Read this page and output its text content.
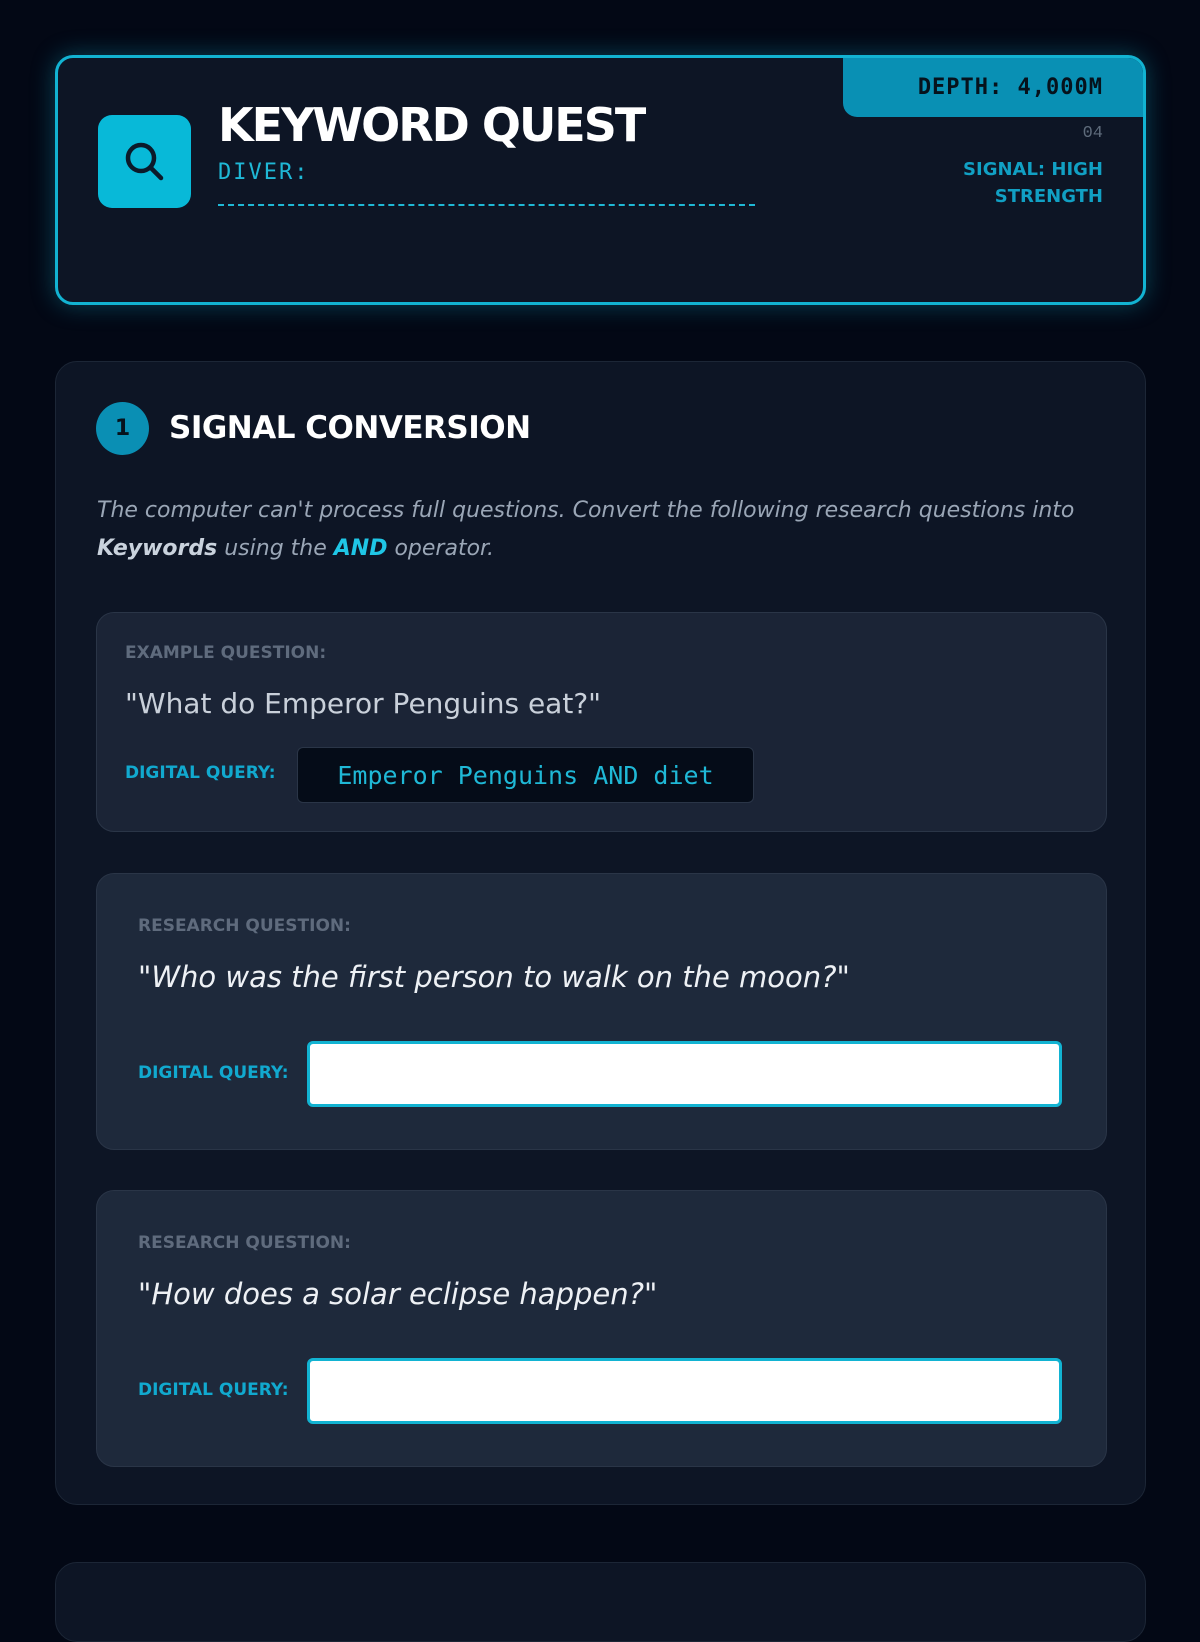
KEYWORD QUEST
DIVER:
DEPTH: 4,000M
04
SIGNAL: HIGH STRENGTH
1	SIGNAL CONVERSION

The computer can't process full questions. Convert the following research questions into Keywords using the AND operator.

EXAMPLE QUESTION:
"What do Emperor Penguins eat?"
DIGITAL QUERY:	Emperor Penguins AND diet
RESEARCH QUESTION:
"Who was the first person to walk on the moon?"
DIGITAL QUERY:
RESEARCH QUESTION:
"How does a solar eclipse happen?"
DIGITAL QUERY:
